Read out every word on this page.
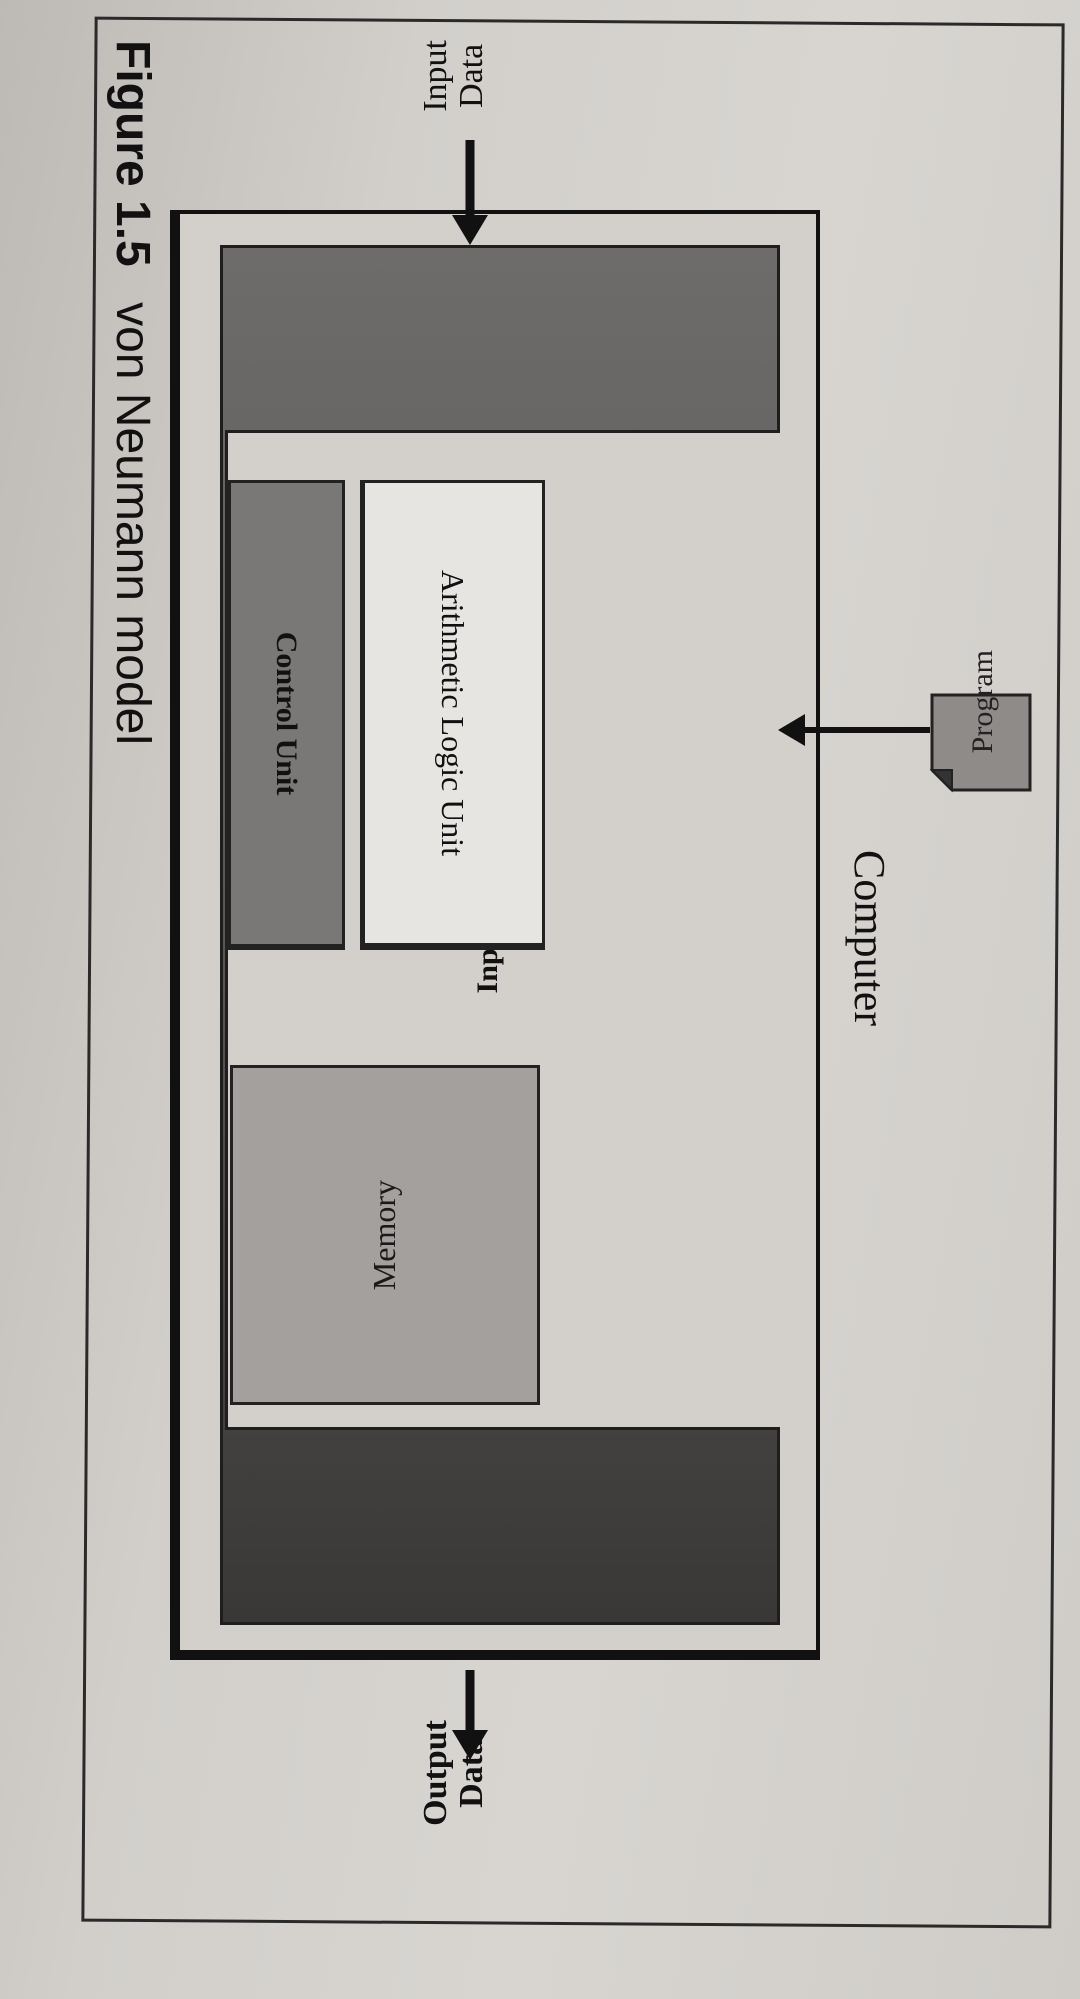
Computer
Arithmetic Logic Unit
Control Unit
Memory
Program
Input
Data
Output
Data
Figure 1.5 von Neumann model
